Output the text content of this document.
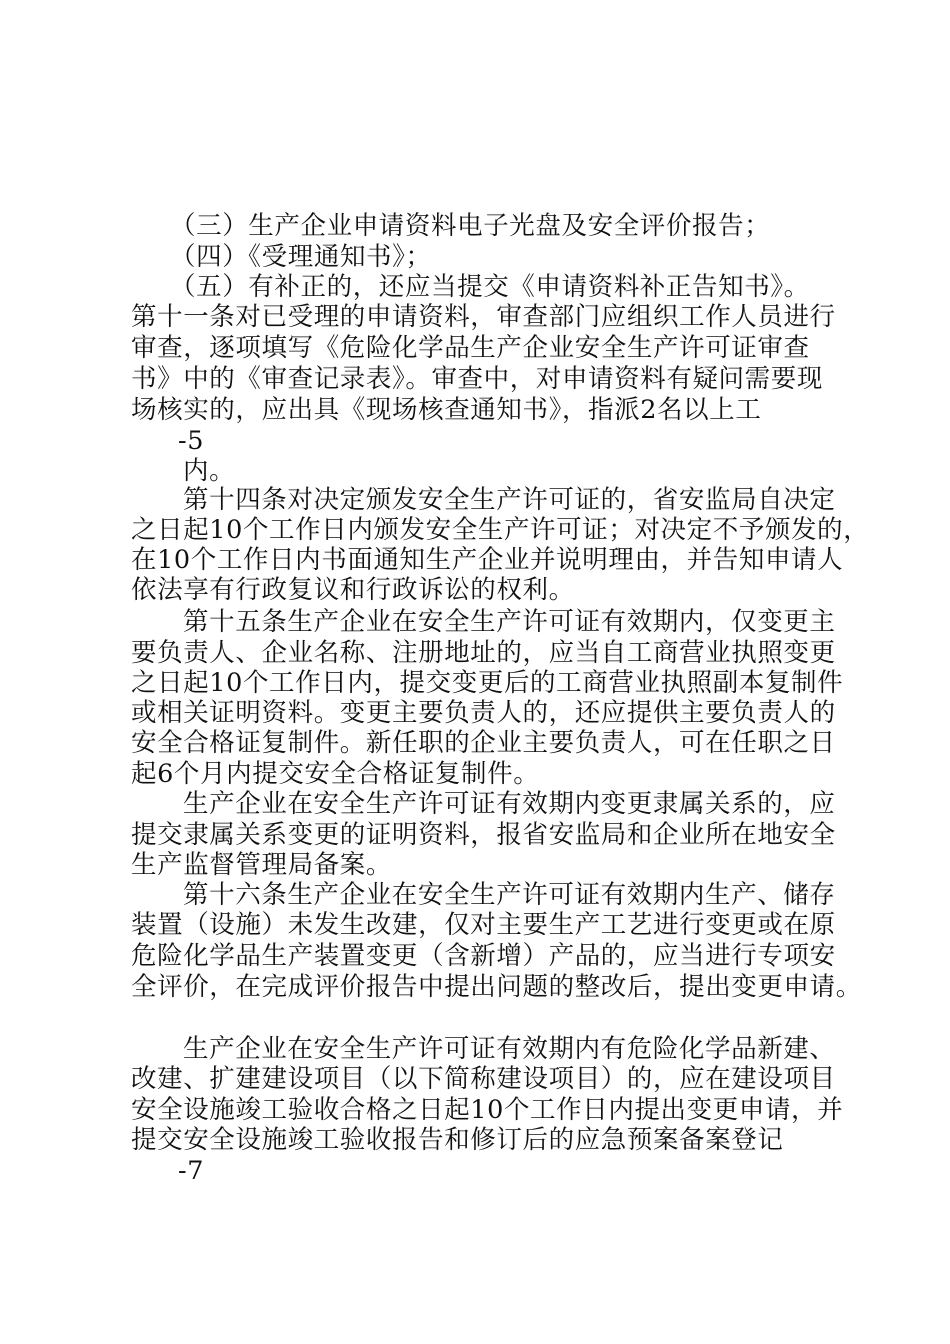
（三）生产企业申请资料电子光盘及安全评价报告；
（四）《受理通知书》；
（五）有补正的，还应当提交《申请资料补正告知书》。
第十一条对已受理的申请资料，审查部门应组织工作人员进行
审查，逐项填写《危险化学品生产企业安全生产许可证审查
书》中的《审查记录表》。审查中，对申请资料有疑问需要现
场核实的，应出具《现场核查通知书》，指派2名以上工
-5
内。
第十四条对决定颁发安全生产许可证的，省安监局自决定
之日起10个工作日内颁发安全生产许可证；对决定不予颁发的，
在10个工作日内书面通知生产企业并说明理由，并告知申请人
依法享有行政复议和行政诉讼的权利。
第十五条生产企业在安全生产许可证有效期内，仅变更主
要负责人、企业名称、注册地址的，应当自工商营业执照变更
之日起10个工作日内，提交变更后的工商营业执照副本复制件
或相关证明资料。变更主要负责人的，还应提供主要负责人的
安全合格证复制件。新任职的企业主要负责人，可在任职之日
起6个月内提交安全合格证复制件。
生产企业在安全生产许可证有效期内变更隶属关系的，应
提交隶属关系变更的证明资料，报省安监局和企业所在地安全
生产监督管理局备案。
第十六条生产企业在安全生产许可证有效期内生产、储存
装置（设施）未发生改建，仅对主要生产工艺进行变更或在原
危险化学品生产装置变更（含新增）产品的，应当进行专项安
全评价，在完成评价报告中提出问题的整改后，提出变更申请。
生产企业在安全生产许可证有效期内有危险化学品新建、
改建、扩建建设项目（以下简称建设项目）的，应在建设项目
安全设施竣工验收合格之日起10个工作日内提出变更申请，并
提交安全设施竣工验收报告和修订后的应急预案备案登记
-7
